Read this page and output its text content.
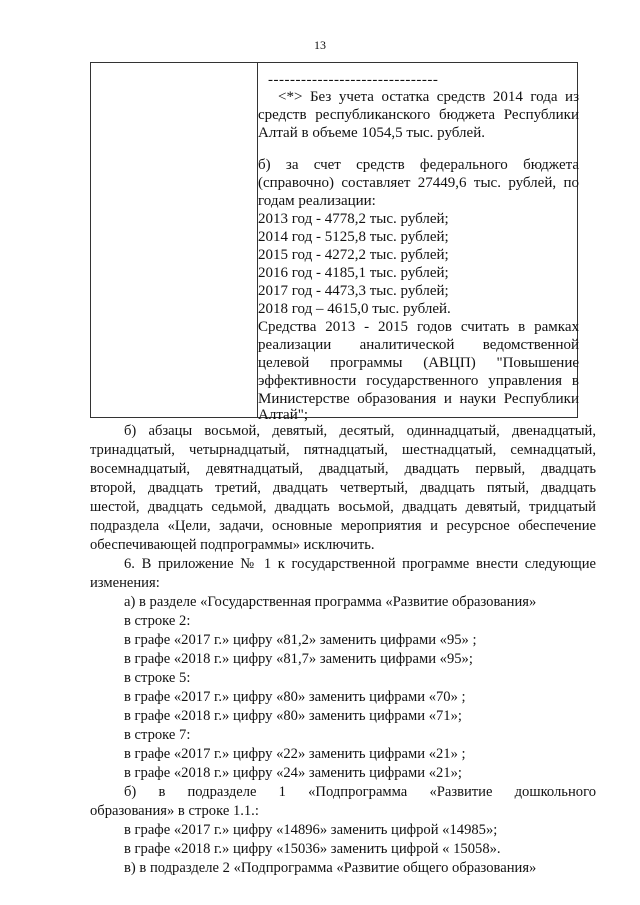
13
-------------------------------
<*> Без учета остатка средств 2014 года из
средств республиканского бюджета Республики
Алтай в объеме 1054,5 тыс. рублей.
б) за счет средств федерального бюджета
(справочно) составляет 27449,6 тыс. рублей, по
годам реализации:
2013 год - 4778,2 тыс. рублей;
2014 год - 5125,8 тыс. рублей;
2015 год - 4272,2 тыс. рублей;
2016 год - 4185,1 тыс. рублей;
2017 год - 4473,3 тыс. рублей;
2018 год – 4615,0 тыс. рублей.
Средства 2013 - 2015 годов считать в рамках
реализации аналитической ведомственной
целевой программы (АВЦП) "Повышение
эффективности государственного управления в
Министерстве образования и науки Республики
Алтай";
б) абзацы восьмой, девятый, десятый, одиннадцатый, двенадцатый,
тринадцатый, четырнадцатый, пятнадцатый, шестнадцатый, семнадцатый,
восемнадцатый, девятнадцатый, двадцатый, двадцать первый, двадцать
второй, двадцать третий, двадцать четвертый, двадцать пятый, двадцать
шестой, двадцать седьмой, двадцать восьмой, двадцать девятый, тридцатый
подраздела «Цели, задачи, основные мероприятия и ресурсное обеспечение
обеспечивающей подпрограммы» исключить.
6. В приложение № 1 к государственной программе внести следующие
изменения:
а) в разделе «Государственная программа «Развитие образования»
в строке 2:
в графе «2017 г.» цифру «81,2» заменить цифрами «95» ;
в графе «2018 г.» цифру «81,7» заменить цифрами «95»;
в строке 5:
в графе «2017 г.» цифру «80» заменить цифрами «70» ;
в графе «2018 г.» цифру «80» заменить цифрами «71»;
в строке 7:
в графе «2017 г.» цифру «22» заменить цифрами «21» ;
в графе «2018 г.» цифру «24» заменить цифрами «21»;
б) в подразделе 1 «Подпрограмма «Развитие дошкольного
образования» в строке 1.1.:
в графе «2017 г.» цифру «14896» заменить цифрой «14985»;
в графе «2018 г.» цифру «15036» заменить цифрой « 15058».
в) в подразделе 2 «Подпрограмма «Развитие общего образования»
